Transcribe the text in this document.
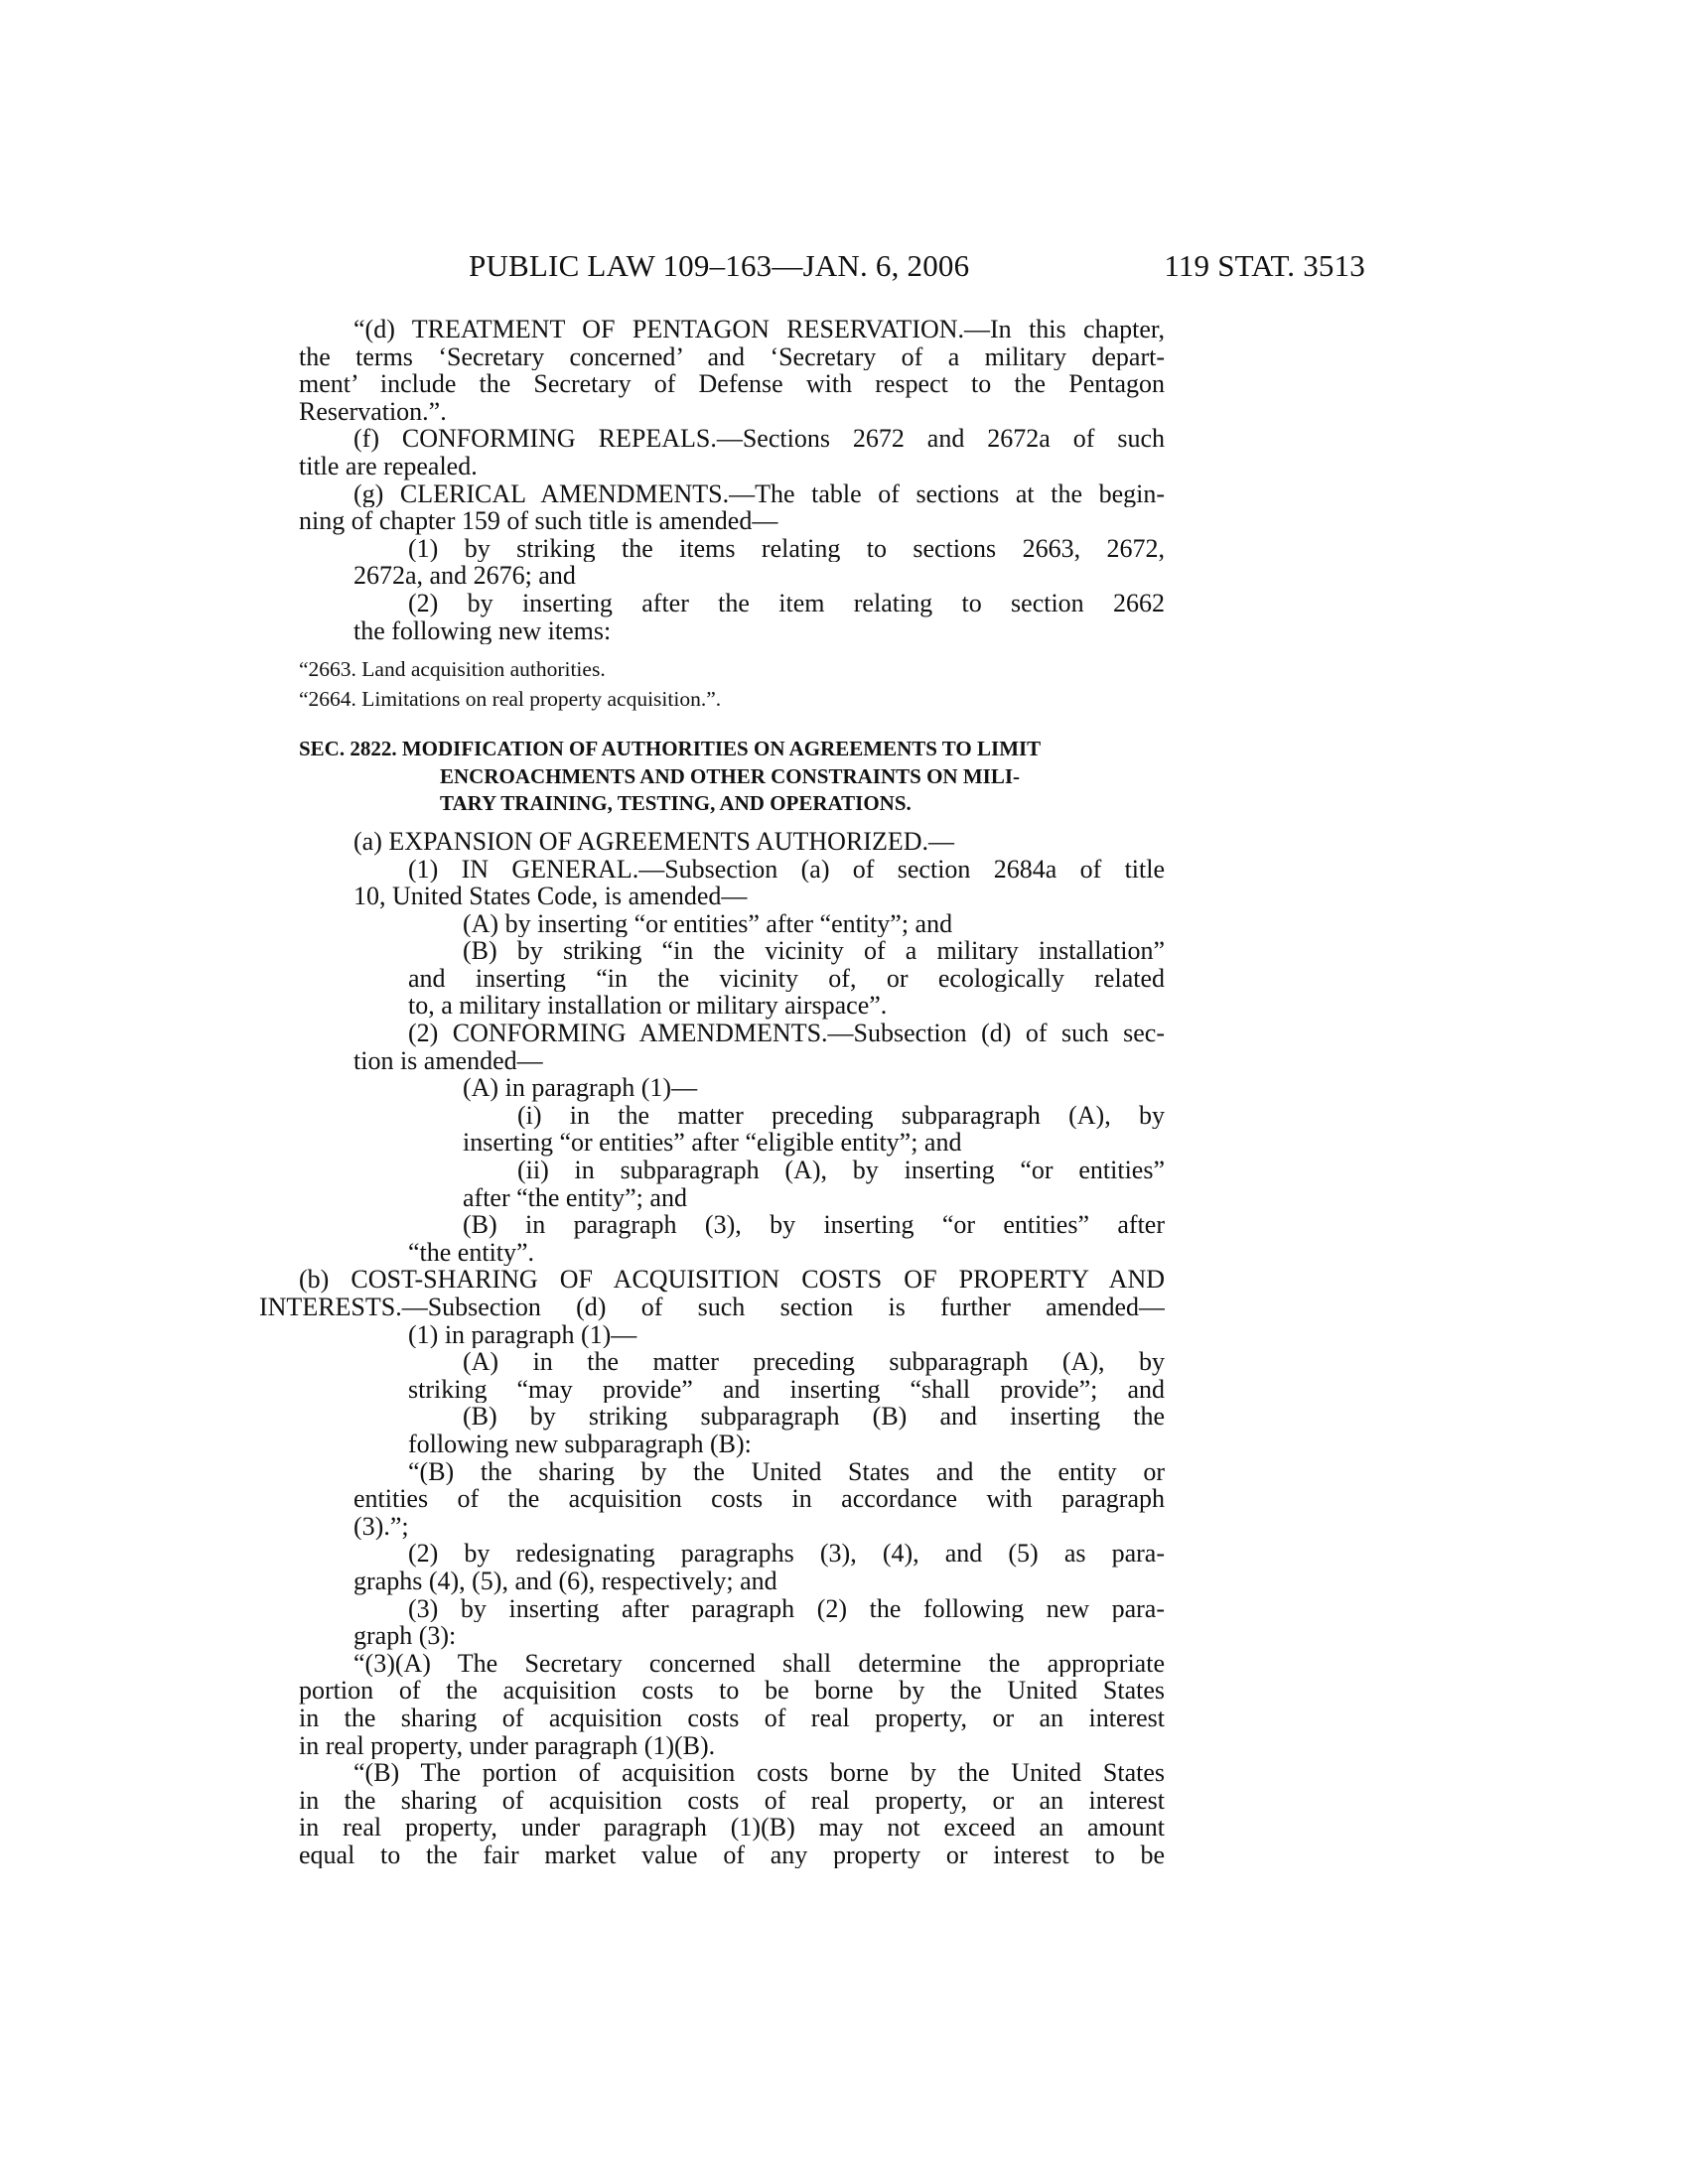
PUBLIC LAW 109–163—JAN. 6, 2006	119 STAT. 3513
“(d) TREATMENT OF PENTAGON RESERVATION.—In this chapter,
the terms ‘Secretary concerned’ and ‘Secretary of a military depart-
ment’ include the Secretary of Defense with respect to the Pentagon
Reservation.”.
(f) CONFORMING REPEALS.—Sections 2672 and 2672a of such
title are repealed.
(g) CLERICAL AMENDMENTS.—The table of sections at the begin-
ning of chapter 159 of such title is amended—
(1) by striking the items relating to sections 2663, 2672,
2672a, and 2676; and
(2) by inserting after the item relating to section 2662
the following new items:
“2663. Land acquisition authorities.
“2664. Limitations on real property acquisition.”.
SEC. 2822. MODIFICATION OF AUTHORITIES ON AGREEMENTS TO LIMIT
ENCROACHMENTS AND OTHER CONSTRAINTS ON MILI-
TARY TRAINING, TESTING, AND OPERATIONS.
(a) EXPANSION OF AGREEMENTS AUTHORIZED.—
(1) IN GENERAL.—Subsection (a) of section 2684a of title
10, United States Code, is amended—
(A) by inserting “or entities” after “entity”; and
(B) by striking “in the vicinity of a military installation”
and inserting “in the vicinity of, or ecologically related
to, a military installation or military airspace”.
(2) CONFORMING AMENDMENTS.—Subsection (d) of such sec-
tion is amended—
(A) in paragraph (1)—
(i) in the matter preceding subparagraph (A), by
inserting “or entities” after “eligible entity”; and
(ii) in subparagraph (A), by inserting “or entities”
after “the entity”; and
(B) in paragraph (3), by inserting “or entities” after
“the entity”.
(b) COST-SHARING OF ACQUISITION COSTS OF PROPERTY AND
INTERESTS.—Subsection (d) of such section is further amended—
(1) in paragraph (1)—
(A) in the matter preceding subparagraph (A), by
striking “may provide” and inserting “shall provide”; and
(B) by striking subparagraph (B) and inserting the
following new subparagraph (B):
“(B) the sharing by the United States and the entity or
entities of the acquisition costs in accordance with paragraph
(3).”;
(2) by redesignating paragraphs (3), (4), and (5) as para-
graphs (4), (5), and (6), respectively; and
(3) by inserting after paragraph (2) the following new para-
graph (3):
“(3)(A) The Secretary concerned shall determine the appropriate
portion of the acquisition costs to be borne by the United States
in the sharing of acquisition costs of real property, or an interest
in real property, under paragraph (1)(B).
“(B) The portion of acquisition costs borne by the United States
in the sharing of acquisition costs of real property, or an interest
in real property, under paragraph (1)(B) may not exceed an amount
equal to the fair market value of any property or interest to be
